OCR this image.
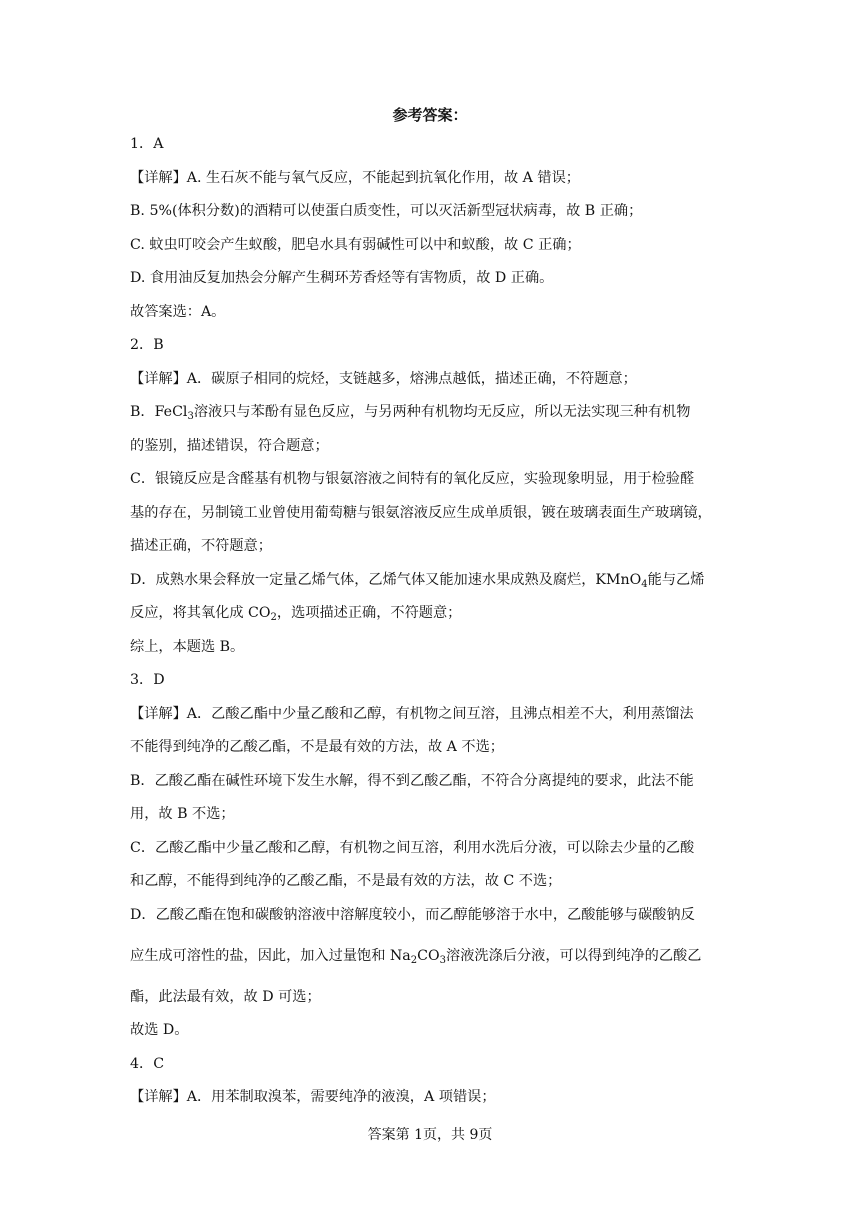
参考答案：
1．A
【详解】A. 生石灰不能与氧气反应，不能起到抗氧化作用，故 A 错误；
B. 5%(体积分数)的酒精可以使蛋白质变性，可以灭活新型冠状病毒，故 B 正确；
C. 蚊虫叮咬会产生蚁酸，肥皂水具有弱碱性可以中和蚁酸，故 C 正确；
D. 食用油反复加热会分解产生稠环芳香烃等有害物质，故 D 正确。
故答案选：A。
2．B
【详解】A．碳原子相同的烷烃，支链越多，熔沸点越低，描述正确，不符题意；
B．FeCl$_3$溶液只与苯酚有显色反应，与另两种有机物均无反应，所以无法实现三种有机物
的鉴别，描述错误，符合题意；
C．银镜反应是含醛基有机物与银氨溶液之间特有的氧化反应，实验现象明显，用于检验醛
基的存在，另制镜工业曾使用葡萄糖与银氨溶液反应生成单质银，镀在玻璃表面生产玻璃镜，
描述正确，不符题意；
D．成熟水果会释放一定量乙烯气体，乙烯气体又能加速水果成熟及腐烂，KMnO$_4$能与乙烯
反应，将其氧化成 $CO_2$，选项描述正确，不符题意；
综上，本题选 B。
3．D
【详解】A．乙酸乙酯中少量乙酸和乙醇，有机物之间互溶，且沸点相差不大，利用蒸馏法
不能得到纯净的乙酸乙酯，不是最有效的方法，故 A 不选；
B．乙酸乙酯在碱性环境下发生水解，得不到乙酸乙酯，不符合分离提纯的要求，此法不能
用，故 B 不选；
C．乙酸乙酯中少量乙酸和乙醇，有机物之间互溶，利用水洗后分液，可以除去少量的乙酸
和乙醇，不能得到纯净的乙酸乙酯，不是最有效的方法，故 C 不选；
D．乙酸乙酯在饱和碳酸钠溶液中溶解度较小，而乙醇能够溶于水中，乙酸能够与碳酸钠反
应生成可溶性的盐，因此，加入过量饱和 $Na_2CO_3$溶液洗涤后分液，可以得到纯净的乙酸乙
酯，此法最有效，故 D 可选；
故选 D。
4．C
【详解】A．用苯制取溴苯，需要纯净的液溴，A 项错误；
答案第 1页，共 9页
